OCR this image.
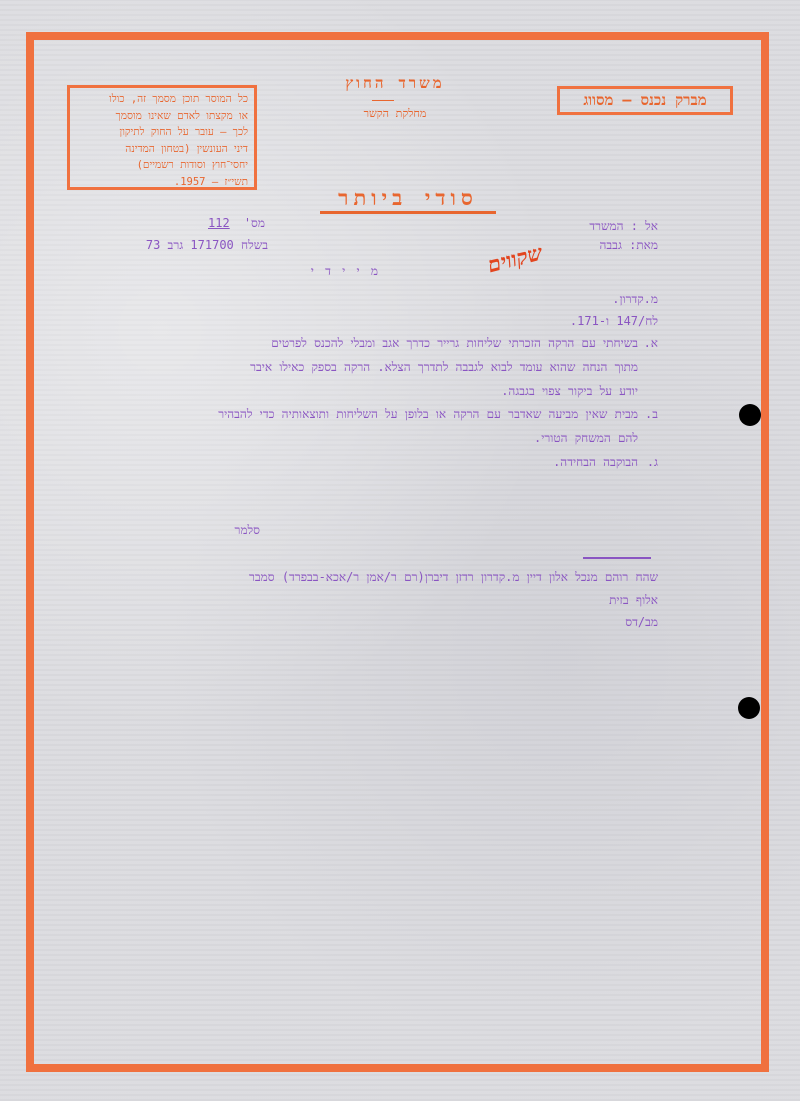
כל המוסר תוכן מסמך זה, כולו
או מקצתו לאדם שאינו מוסמך
לכך — עובר על החוק לתיקון
דיני העונשין (בטחון המדינה
יחסי־חוץ וסודות רשמיים)
תשי״ז — 1957.
מברק נכנס – מסווג
משרד החוץ
מחלקת הקשר
סודי ביותר
שקווים
אל : המשרד
מאת: גבבה
מס'
112
בשלח 171700 גרב 73
מ י י ד י
מ.קדרון.
לח/147 ו-171.
א.
בשיחתי עם הרקה הזכרתי שליחות גרייר כדרך אגב ומבלי להכנס לפרטים
מתוך הנחה שהוא עומד לבוא לגבבה לתדרך הצלא. הרקה בספק כאילו איבר
יודע על ביקור צפוי בגבגה.
ב.
מבית שאין מביעה שאדבר עם הרקה או בלופן על השליחות ותוצאותיה כדי להבהיר
להם המשחק הטורי.
ג.
הבוקבה הבחידה.
סלמר
שהח רוהם מנכל אלון דיין מ.קדרון רדזן דיברן(רם ר/אמן ר/אכא-בבפרד) סמבר
אלוף בזית
מב/דס
